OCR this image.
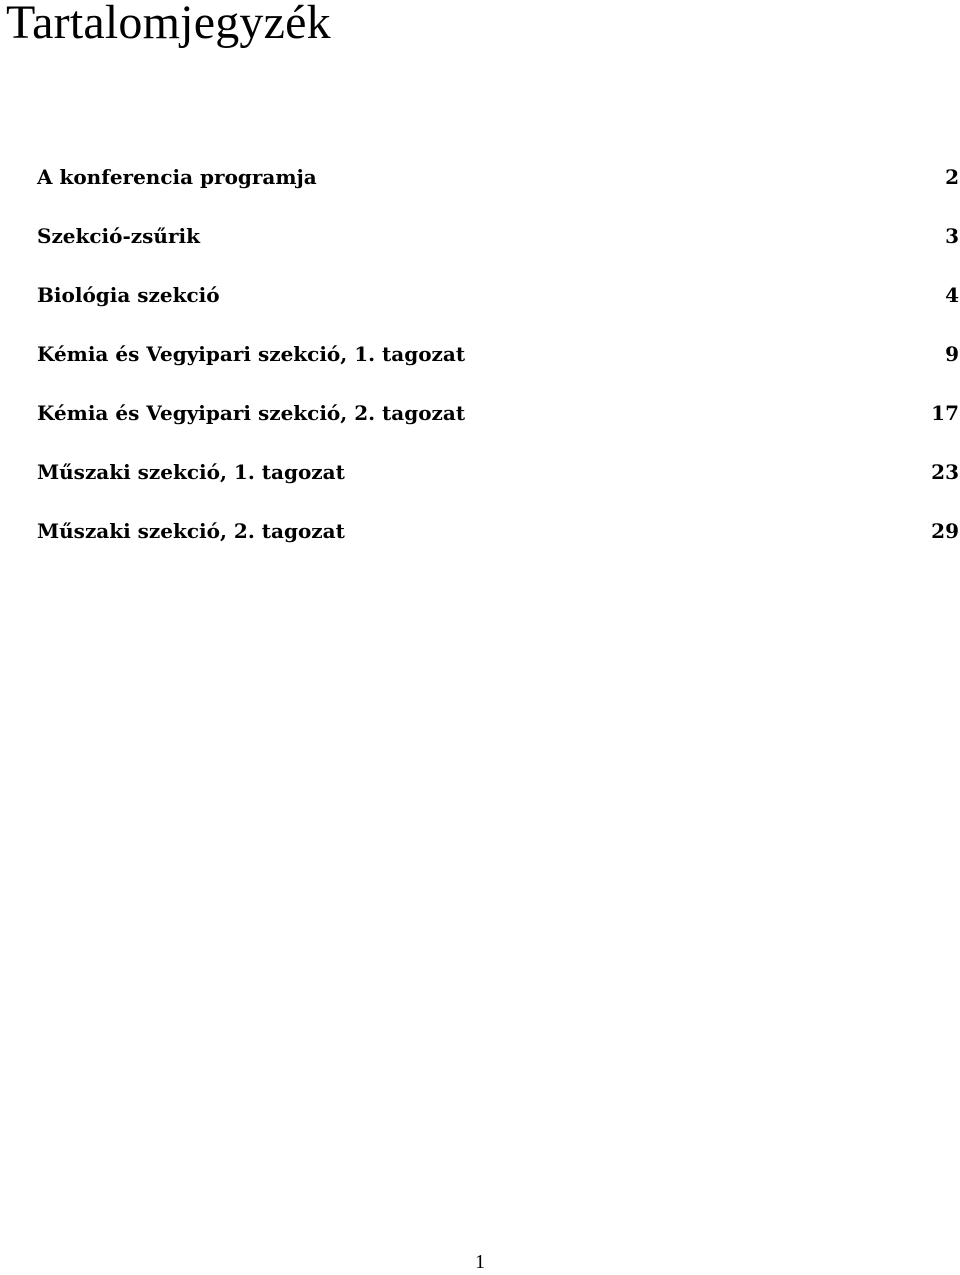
Tartalomjegyzék
A konferencia programja	2
Szekció-zsűrik	3
Biológia szekció	4
Kémia és Vegyipari szekció, 1. tagozat	9
Kémia és Vegyipari szekció, 2. tagozat	17
Műszaki szekció, 1. tagozat	23
Műszaki szekció, 2. tagozat	29
1
